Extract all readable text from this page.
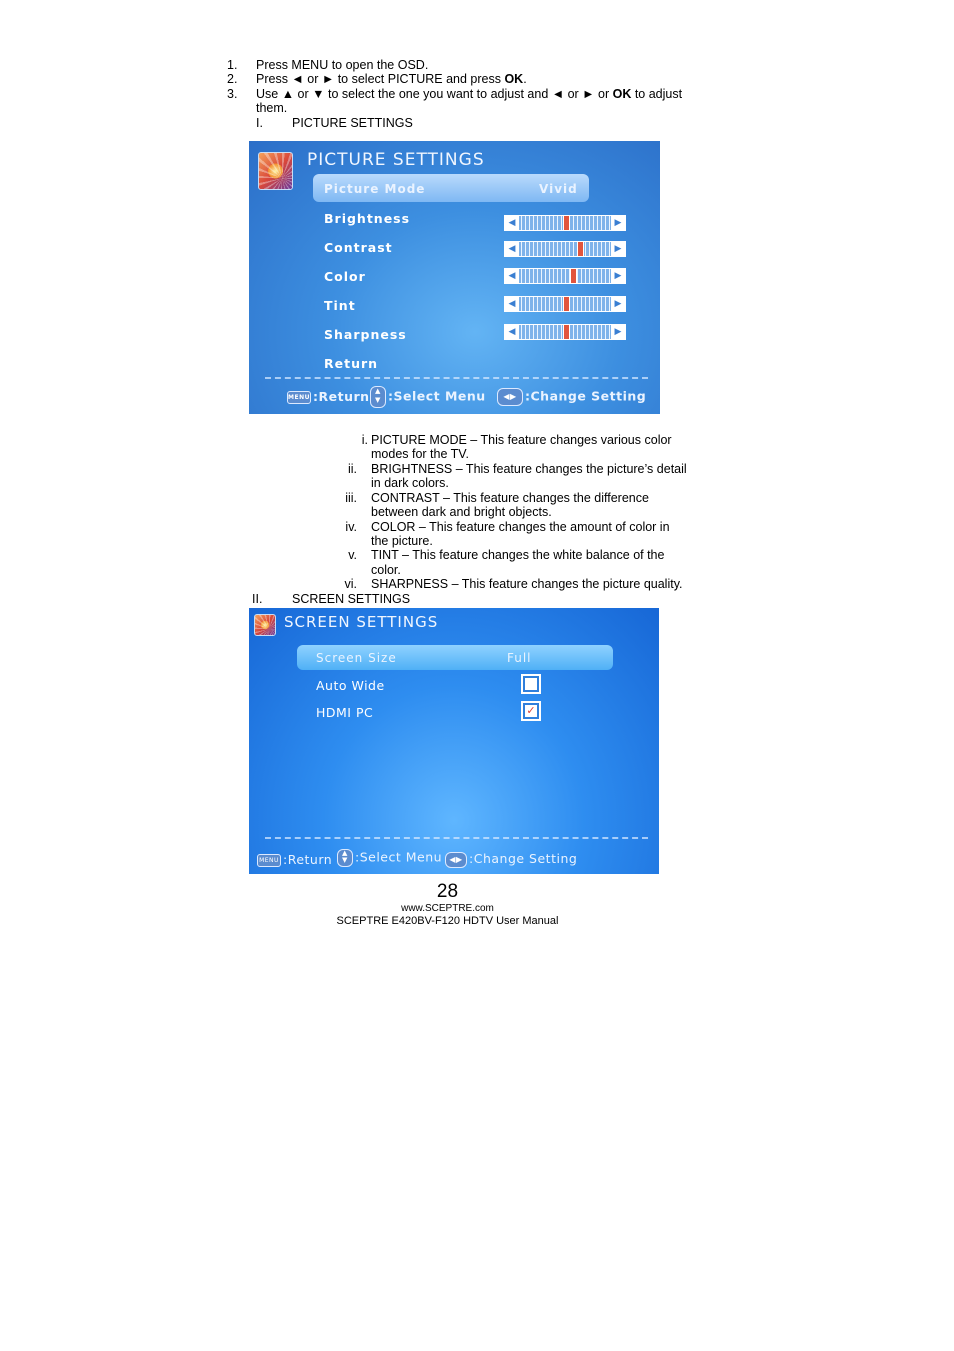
1. Press MENU to open the OSD.
2. Press ◄ or ► to select PICTURE and press OK.
3. Use ▲ or ▼ to select the one you want to adjust and ◄ or ► or OK to adjust
them.
I. PICTURE SETTINGS
PICTURE SETTINGS
Picture Mode	Vivid
Brightness	◀	▶
Contrast	◀	▶
Color	◀	▶
Tint	◀	▶
Sharpness	◀	▶
Return
MENU :Return ▲
▼ :Select Menu	◀▶ :Change Setting
i. PICTURE MODE – This feature changes various color
modes for the TV.
ii. BRIGHTNESS – This feature changes the picture’s detail
in dark colors.
iii. CONTRAST – This feature changes the difference
between dark and bright objects.
iv. COLOR – This feature changes the amount of color in
the picture.
v. TINT – This feature changes the white balance of the
color.
vi. SHARPNESS – This feature changes the picture quality.
II. SCREEN SETTINGS
SCREEN SETTINGS
Screen Size	Full
Auto Wide
HDMI PC	✓
MENU :Return	▲
▼ :Select Menu ◀▶ :Change Setting
28
www.SCEPTRE.com
SCEPTRE E420BV-F120 HDTV User Manual
